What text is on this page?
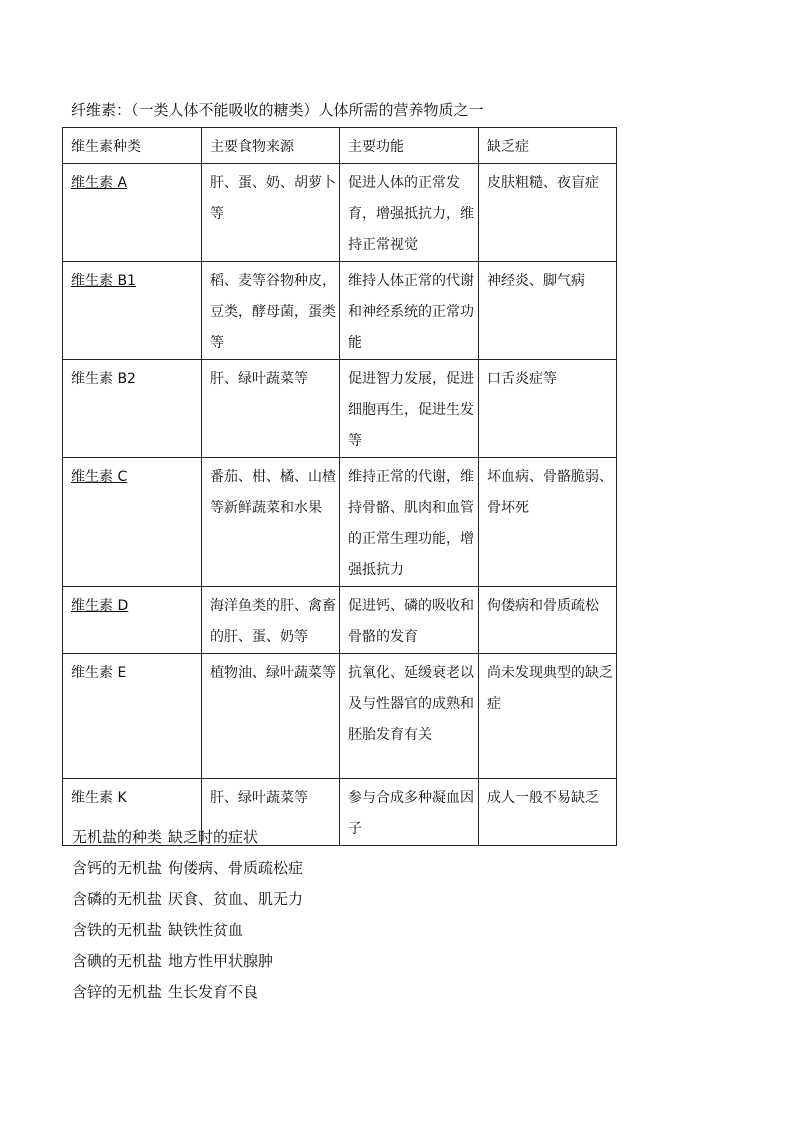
纤维素：（一类人体不能吸收的糖类）人体所需的营养物质之一
维生素种类	主要食物来源	主要功能	缺乏症
维生素 A	肝、蛋、奶、胡萝卜等	促进人体的正常发育，增强抵抗力，维持正常视觉	皮肤粗糙、夜盲症
维生素 B1	稻、麦等谷物种皮，豆类，酵母菌，蛋类等	维持人体正常的代谢和神经系统的正常功能	神经炎、脚气病
维生素 B2	肝、绿叶蔬菜等	促进智力发展，促进细胞再生，促进生发等	口舌炎症等
维生素 C	番茄、柑、橘、山楂等新鲜蔬菜和水果	维持正常的代谢，维持骨骼、肌肉和血管的正常生理功能，增强抵抗力	坏血病、骨骼脆弱、骨坏死
维生素 D	海洋鱼类的肝、禽畜的肝、蛋、奶等	促进钙、磷的吸收和骨骼的发育	佝偻病和骨质疏松
维生素 E	植物油、绿叶蔬菜等	抗氧化、延缓衰老以及与性器官的成熟和胚胎发育有关	尚未发现典型的缺乏症
维生素 K	肝、绿叶蔬菜等	参与合成多种凝血因子	成人一般不易缺乏
无机盐的种类 缺乏时的症状
含钙的无机盐 佝偻病、骨质疏松症
含磷的无机盐 厌食、贫血、肌无力
含铁的无机盐 缺铁性贫血
含碘的无机盐 地方性甲状腺肿
含锌的无机盐 生长发育不良
